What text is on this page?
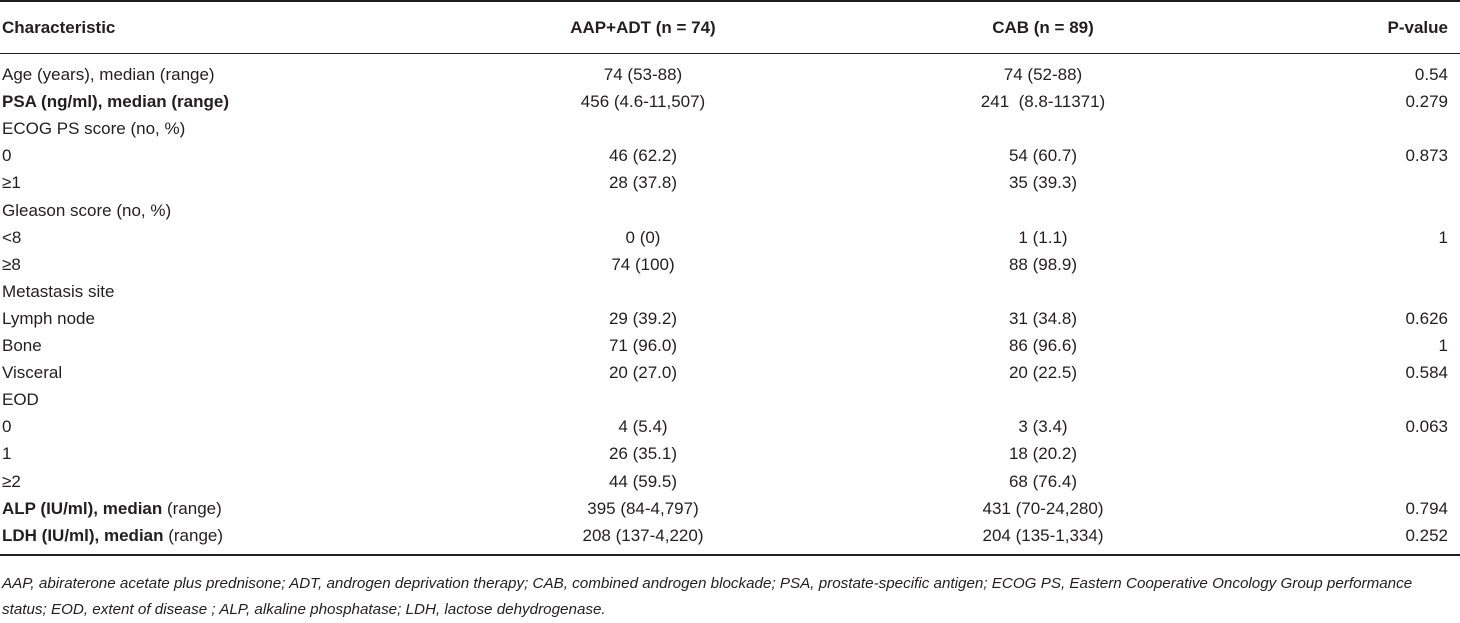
Characteristic	AAP+ADT (n = 74)	CAB (n = 89)	P-value
Age (years), median (range)	74 (53-88)	74 (52-88)	0.54
PSA (ng/ml), median (range)	456 (4.6-11,507)	241  (8.8-11371)	0.279
ECOG PS score (no, %)
0	46 (62.2)	54 (60.7)	0.873
≥1	28 (37.8)	35 (39.3)
Gleason score (no, %)
<8	0 (0)	1 (1.1)	1
≥8	74 (100)	88 (98.9)
Metastasis site
Lymph node	29 (39.2)	31 (34.8)	0.626
Bone	71 (96.0)	86 (96.6)	1
Visceral	20 (27.0)	20 (22.5)	0.584
EOD
0	4 (5.4)	3 (3.4)	0.063
1	26 (35.1)	18 (20.2)
≥2	44 (59.5)	68 (76.4)
ALP (IU/ml), median (range)	395 (84-4,797)	431 (70-24,280)	0.794
LDH (IU/ml), median (range)	208 (137-4,220)	204 (135-1,334)	0.252
AAP, abiraterone acetate plus prednisone; ADT, androgen deprivation therapy; CAB, combined androgen blockade; PSA, prostate-specific antigen; ECOG PS, Eastern Cooperative Oncology Group performance status; EOD, extent of disease ; ALP, alkaline phosphatase; LDH, lactose dehydrogenase.
